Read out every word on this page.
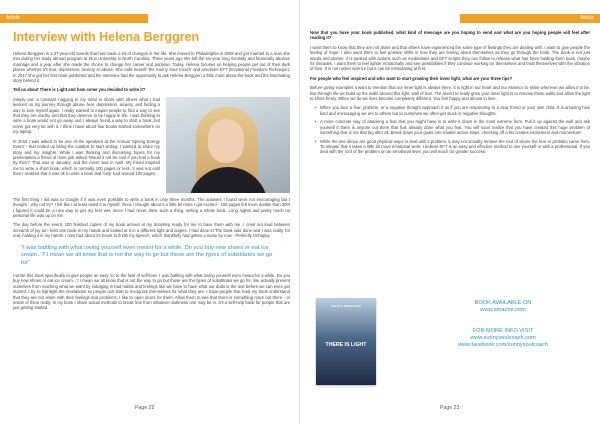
Article
Interview with Helena Berggren

Helena Berggren is a 37-year-old Swede that has made a lot of changes in her life. She moved to Philadelphia in 2008 and got married to a man she met during her study abroad program at Elon University in North Carolina. Three years ago she left the six-year long mentally and financially abusive marriage and a year after she made the choice to change her career and purpose. Today, Helena focuses on helping people get out of their dark places whether it's fear, depression, anxiety or abuse. She calls herself 'the Sunny Soul Coach' and practices EFT (Emotional Freedom Technique). In 2017 she got her first book published and the interview had the opportunity to ask Helena Berggren a little more about the book and the fascinating story behind it.

Tell us about There is Light and how come you decided to write it?

Simply put: a constant nagging in my mind to share with others what I had learned on my journey through abuse, fear, depression, anxiety, and finding a way to love myself again. I really wanted to inspire people to find a way to see that they are worthy and that they deserve to be happy in life. I was thinking to write a book would not go away and I always found a way to start a book, but never got very far with it. I think I have about four books started somewhere on my laptop.

In 2016 I was asked to be one of the speakers at the Annual 'Spiring Energy Event' - that ended up being the catalyst to start writing. I wanted to share my story and my insights. While I was thinking and discussing topics for my presentation a friend of mine just asked 'Would it not be cool if you had a book by then?' That was in January, and the event was in April. My friend inspired me to write a short book, which is normally 100 pages or less. It was not until then I realized that it was ok to write a book that 'only' had around 100 pages.

The first thing I did was to Google if it was even possible to write a book in only three months. The answers I found were not encouraging but I thought - why not try? I felt like I at least owed it to myself. Once I thought about it a little bit more I got excited - 100 pages felt more doable than 300! I figured it could be a nice way to get my feet wet, since I had never done such a thing, writing a whole book. Long nights and pretty much no personal life was up on me.

The day before the event, 100 finished copies of my book arrived at my doorstep ready for me to have them with me. I cried out loud between screams of joy as I held one book in my hands and looked at it in a different light and angles. I had done it! The book was done and I was really, for real, holding it in my hands. I now had about 24 hours to finish my speech, which thankfully had gotten a name by now - Perfectly Unhappy.

"I was battling with what loving yourself even meant for a while. Do you buy new shoes or eat ice cream...? I mean we all know that is not the way to go but those are the types of substitutes we go for"

I wrote this book specifically to give people an easy 'in' to the field of self-love. I was battling with what loving yourself even meant for a while. Do you buy new shoes or eat ice cream...? I mean we all know that is not the way to go but those are the types of substitutes we go for. We actually prevent ourselves from reaching what we want by indulging in bad habits and feelings like we have to have what our duds is the one before we can even get started. I try to highlight the revelations so people can start to recognize themselves for what they are. I hope people that read my book understand that they are not alone with their feelings and problems. I like to open doors for them. Allow them to see that there is something more out there - or inside of them really. In my book I share actual methods to break free from whatever darkness one may be in. It's a self-help book for people that are just getting started.

Page 22
Article

Now that you have your book published, what kind of message are you hoping to send and what are you hoping people will feel after reading it?

I want them to know that they are not alone and that others have experienced the same type of feelings they are dealing with. I want to give people the feeling of hope. I also want them to feel positive shifts in how they are feeling about themselves as they go through the book. The book is not just words and stories: it is packed with actions such as meditations and EFT scripts they can follow to release what has been holding them back, maybe for decades. I want them to feel lighter emotionally and see possibilities if they continue working on themselves and treat themselves with the vibration of love. It is not rocket science but it can be intimidating at first.

For people who feel inspired and who want to start growing their inner light, what are your three tips?

Before giving examples it want to mention that our inner light is always there. It is right in our heart and our essence to shine wherever we allow it to be. But through life we build up the walls around this light, wall of fear. The secret to really grow your inner light is to remove those walls and allow the light to shine freely. When we do we lives become completely different. You feel happy and almost in love.

• When you face a fear, problem, or a negative thought approach it as if you are responding to a dear friend or your own child. It is amazing how kind and encouraging we are to others but to ourselves we often get stuck in negative thoughts.
• A more concrete way of attacking a fear that you might have is to write it down in the most extreme form. Pull it up against the wall and ask yourself if there is anyone out there that has already done what you fear. You will soon realize that you have created this huge problem of something that is not that big after all. Break down your goals into smaller action steps, checking off a list creates excitement and momentum!
• While the two above are good physical ways to deal with a problem, it may not actually remove the root of where the fear or problem came from. To release that it takes a little bit more emotional work. I believe EFT is an easy and effective method to use yourself or with a professional. If you deal with the root of the problem on an emotional level, you will reach far greater success.
HELENA BERGGREN
THERE IS LIGHT
BOOK AVAILABLE ON
www.amazon.com
FOR MORE INFO VISIT
www.sunnysoulcoach.com
www.facebook.com/sunnysoulcoach
Page 23
